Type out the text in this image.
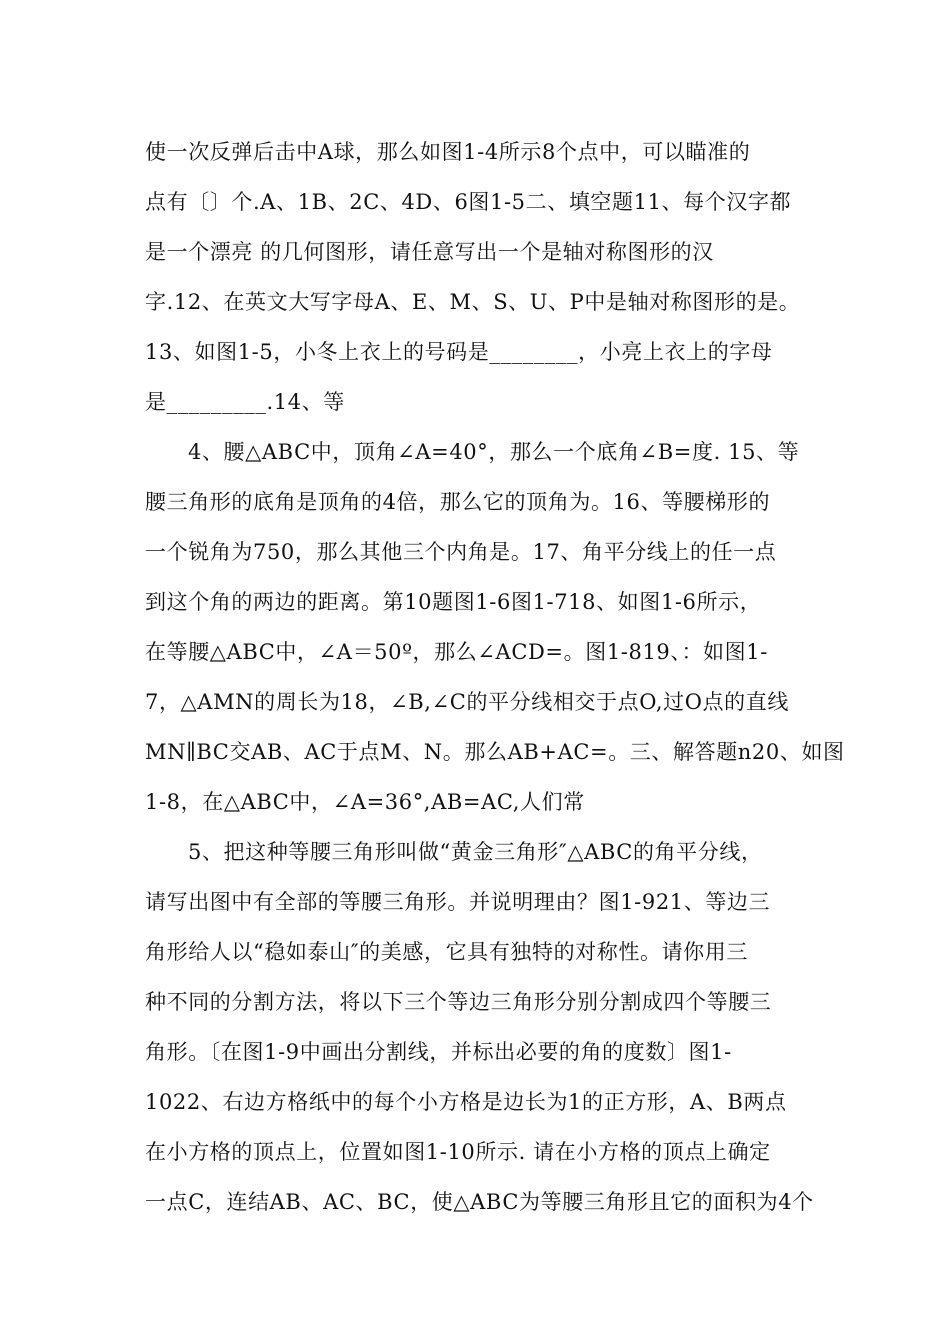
使一次反弹后击中A球，那么如图1-4所示8个点中，可以瞄准的
点有〔〕个.A、1B、2C、4D、6图1-5二、填空题11、每个汉字都
是一个漂亮 的几何图形，请任意写出一个是轴对称图形的汉
字.12、在英文大写字母A、E、M、S、U、P中是轴对称图形的是。
13、如图1-5，小冬上衣上的号码是________，小亮上衣上的字母
是_________.14、等
4、腰△ABC中，顶角∠A=40°，那么一个底角∠B=度. 15、等
腰三角形的底角是顶角的4倍，那么它的顶角为。16、等腰梯形的
一个锐角为750，那么其他三个内角是。17、角平分线上的任一点
到这个角的两边的距离。第10题图1-6图1-718、如图1-6所示，
在等腰△ABC中，∠A＝50º，那么∠ACD=。图1-819、：如图1-
7，△AMN的周长为18，∠B,∠C的平分线相交于点O,过O点的直线
MN∥BC交AB、AC于点M、N。那么AB+AC=。三、解答题n20、如图
1-8，在△ABC中，∠A=36°,AB=AC,人们常
5、把这种等腰三角形叫做“黄金三角形″△ABC的角平分线，
请写出图中有全部的等腰三角形。并说明理由？图1-921、等边三
角形给人以“稳如泰山″的美感，它具有独特的对称性。请你用三
种不同的分割方法，将以下三个等边三角形分别分割成四个等腰三
角形。〔在图1-9中画出分割线，并标出必要的角的度数〕图1-
1022、右边方格纸中的每个小方格是边长为1的正方形，A、B两点
在小方格的顶点上，位置如图1-10所示. 请在小方格的顶点上确定
一点C，连结AB、AC、BC，使△ABC为等腰三角形且它的面积为4个
